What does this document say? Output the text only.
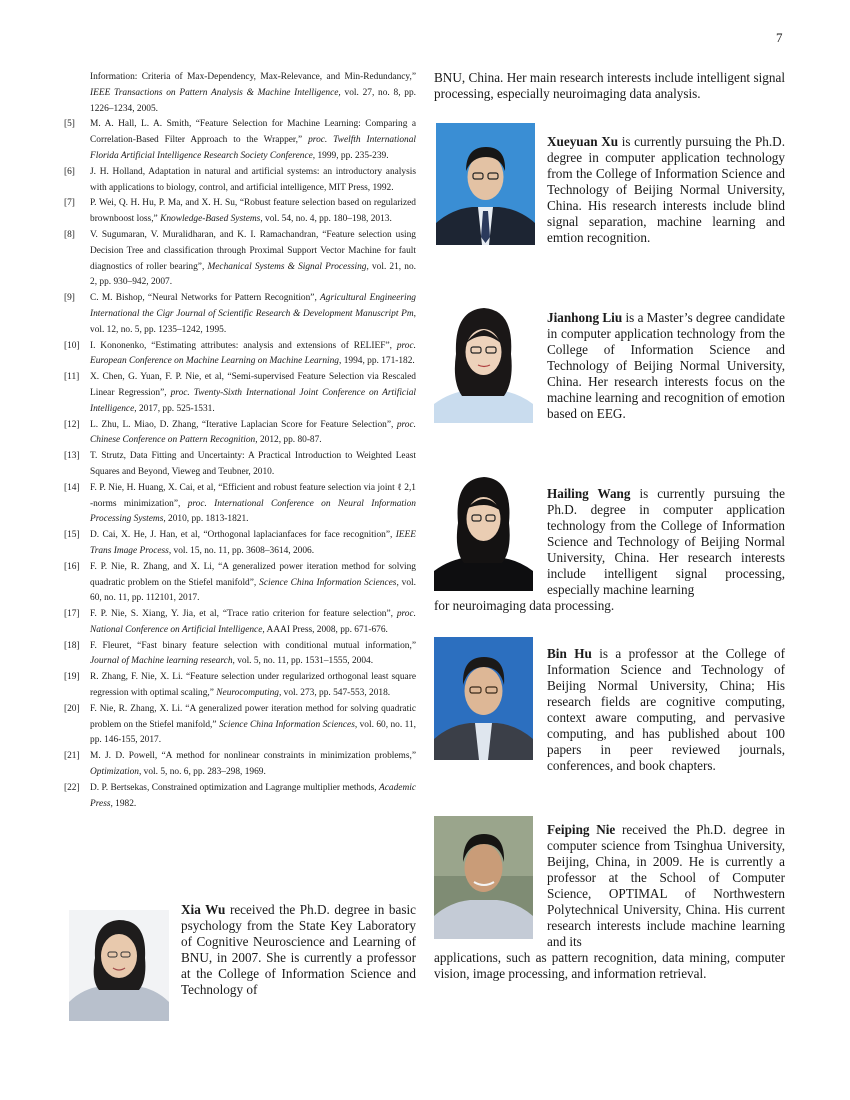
7

Information: Criteria of Max-Dependency, Max-Relevance, and Min-Redundancy,” IEEE Transactions on Pattern Analysis & Machine Intelligence, vol. 27, no. 8, pp. 1226–1234, 2005.

[5] M. A. Hall, L. A. Smith, “Feature Selection for Machine Learning: Comparing a Correlation-Based Filter Approach to the Wrapper,” proc. Twelfth International Florida Artificial Intelligence Research Society Conference, 1999, pp. 235-239.

[6] J. H. Holland, Adaptation in natural and artificial systems: an introductory analysis with applications to biology, control, and artificial intelligence, MIT Press, 1992.

[7] P. Wei, Q. H. Hu, P. Ma, and X. H. Su, “Robust feature selection based on regularized brownboost loss,” Knowledge-Based Systems, vol. 54, no. 4, pp. 180–198, 2013.

[8] V. Sugumaran, V. Muralidharan, and K. I. Ramachandran, “Feature selection using Decision Tree and classification through Proximal Support Vector Machine for fault diagnostics of roller bearing”, Mechanical Systems & Signal Processing, vol. 21, no. 2, pp. 930–942, 2007.

[9] C. M. Bishop, “Neural Networks for Pattern Recognition”, Agricultural Engineering International the Cigr Journal of Scientific Research & Development Manuscript Pm, vol. 12, no. 5, pp. 1235–1242, 1995.

[10] I. Kononenko, “Estimating attributes: analysis and extensions of RELIEF”, proc. European Conference on Machine Learning on Machine Learning, 1994, pp. 171-182.

[11] X. Chen, G. Yuan, F. P. Nie, et al, “Semi-supervised Feature Selection via Rescaled Linear Regression”, proc. Twenty-Sixth International Joint Conference on Artificial Intelligence, 2017, pp. 525-1531.

[12] L. Zhu, L. Miao, D. Zhang, “Iterative Laplacian Score for Feature Selection”, proc. Chinese Conference on Pattern Recognition, 2012, pp. 80-87.

[13] T. Strutz, Data Fitting and Uncertainty: A Practical Introduction to Weighted Least Squares and Beyond, Vieweg and Teubner, 2010.

[14] F. P. Nie, H. Huang, X. Cai, et al, “Efficient and robust feature selection via joint ℓ 2,1 -norms minimization”, proc. International Conference on Neural Information Processing Systems, 2010, pp. 1813-1821.

[15] D. Cai, X. He, J. Han, et al, “Orthogonal laplacianfaces for face recognition”, IEEE Trans Image Process, vol. 15, no. 11, pp. 3608–3614, 2006.

[16] F. P. Nie, R. Zhang, and X. Li, “A generalized power iteration method for solving quadratic problem on the Stiefel manifold”, Science China Information Sciences, vol. 60, no. 11, pp. 112101, 2017.

[17] F. P. Nie, S. Xiang, Y. Jia, et al, “Trace ratio criterion for feature selection”, proc. National Conference on Artificial Intelligence, AAAI Press, 2008, pp. 671-676.

[18] F. Fleuret, “Fast binary feature selection with conditional mutual information,” Journal of Machine learning research, vol. 5, no. 11, pp. 1531–1555, 2004.

[19] R. Zhang, F. Nie, X. Li. “Feature selection under regularized orthogonal least square regression with optimal scaling,” Neurocomputing, vol. 273, pp. 547-553, 2018.

[20] F. Nie, R. Zhang, X. Li. “A generalized power iteration method for solving quadratic problem on the Stiefel manifold,” Science China Information Sciences, vol. 60, no. 11, pp. 146-155, 2017.

[21] M. J. D. Powell, “A method for nonlinear constraints in minimization problems,” Optimization, vol. 5, no. 6, pp. 283–298, 1969.

[22] D. P. Bertsekas, Constrained optimization and Lagrange multiplier methods, Academic Press, 1982.

Xia Wu received the Ph.D. degree in basic psychology from the State Key Laboratory of Cognitive Neuroscience and Learning of BNU, in 2007. She is currently a professor at the College of Information Science and Technology of

BNU, China. Her main research interests include intelligent signal processing, especially neuroimaging data analysis.

Xueyuan Xu is currently pursuing the Ph.D. degree in computer application technology from the College of Information Science and Technology of Beijing Normal University, China. His research interests include blind signal separation, machine learning and emtion recognition.

Jianhong Liu is a Master’s degree candidate in computer application technology from the College of Information Science and Technology of Beijing Normal University, China. Her research interests focus on the machine learning and recognition of emotion based on EEG.

Hailing Wang is currently pursuing the Ph.D. degree in computer application technology from the College of Information Science and Technology of Beijing Normal University, China. Her research interests include intelligent signal processing, especially machine learning

for neuroimaging data processing.

Bin Hu is a professor at the College of Information Science and Technology of Beijing Normal University, China; His research fields are cognitive computing, context aware computing, and pervasive computing, and has published about 100 papers in peer reviewed journals, conferences, and book chapters.

Feiping Nie received the Ph.D. degree in computer science from Tsinghua University, Beijing, China, in 2009. He is currently a professor at the School of Computer Science, OPTIMAL of Northwestern Polytechnical University, China. His current research interests include machine learning and its

applications, such as pattern recognition, data mining, computer vision, image processing, and information retrieval.
